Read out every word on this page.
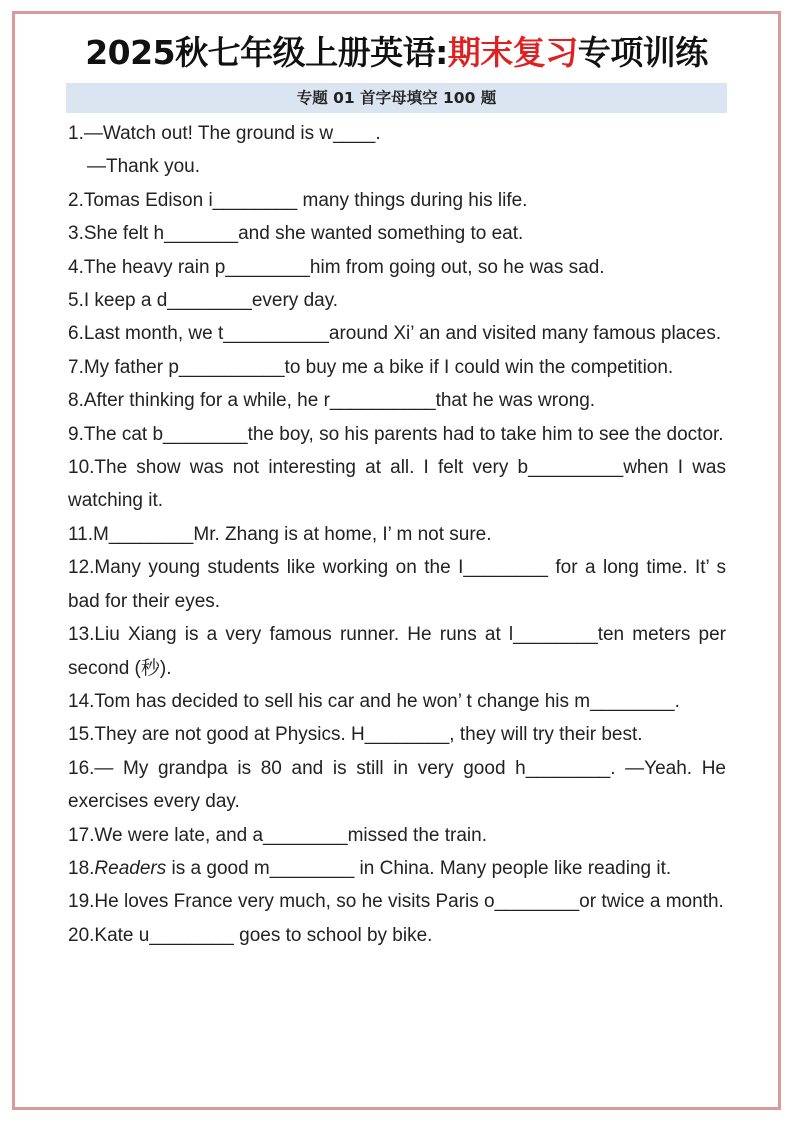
2025秋七年级上册英语:期末复习专项训练
专题 01 首字母填空 100 题

1.—Watch out! The ground is w____.

—Thank you.

2.Tomas Edison i________ many things during his life.

3.She felt h_______and she wanted something to eat.

4.The heavy rain p________him from going out, so he was sad.

5.I keep a d________every day.

6.Last month, we t__________around Xi’ an and visited many famous places.

7.My father p__________to buy me a bike if I could win the competition.

8.After thinking for a while, he r__________that he was wrong.

9.The cat b________the boy, so his parents had to take him to see the doctor.

10.The show was not interesting at all. I felt very b_________when I was watching it.

11.M________Mr. Zhang is at home, I’ m not sure.

12.Many young students like working on the I________ for a long time. It’ s bad for their eyes.

13.Liu Xiang is a very famous runner. He runs at l________ten meters per second (秒).

14.Tom has decided to sell his car and he won’ t change his m________.

15.They are not good at Physics. H________, they will try their best.

16.— My grandpa is 80 and is still in very good h________. —Yeah. He exercises every day.

17.We were late, and a________missed the train.

18.Readers is a good m________ in China. Many people like reading it.

19.He loves France very much, so he visits Paris o________or twice a month.

20.Kate u________ goes to school by bike.
